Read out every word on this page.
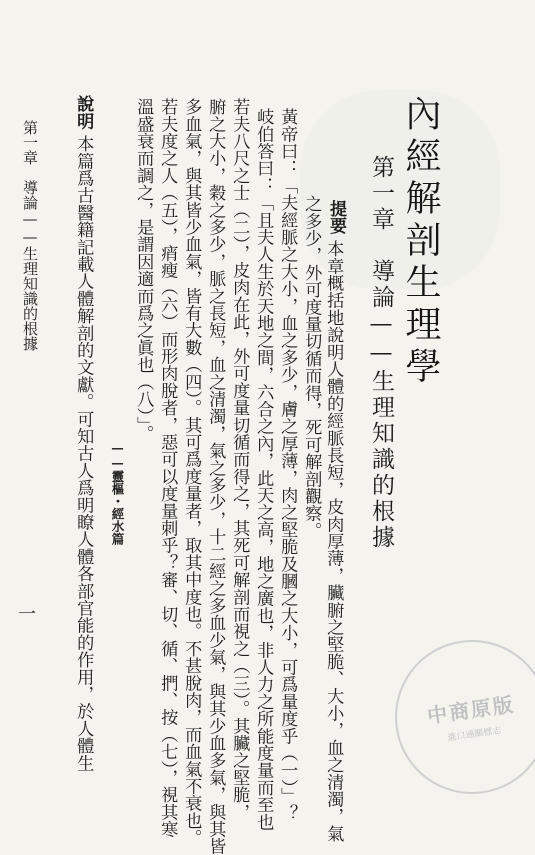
內經解剖生理學
第一章　導論——生理知識的根據
提要
本章概括地說明人體的經脈長短，皮肉厚薄，臟腑之堅脆、大小，血之清濁，氣
之多少，外可度量切循而得，死可解剖觀察。
黃帝曰：「夫經脈之大小，血之多少，膚之厚薄，肉之堅脆及膕之大小，可爲量度乎（一）」？
岐伯答曰：「且夫人生於天地之間，六合之內，此天之高，地之廣也，非人力之所能度量而至也
若夫八尺之士（二），皮肉在此，外可度量切循而得之，其死可解剖而視之（三）。其臟之堅脆，
腑之大小，穀之多少，脈之長短，血之清濁，氣之多少，十二經之多血少氣，與其少血多氣，與其皆
多血氣，與其皆少血氣，皆有大數（四）。其可爲度量者，取其中度也。不甚脫肉，而血氣不衰也。
若夫度之人（五），痟瘦（六）而形肉脫者，惡可以度量刺乎？審、切、循、捫、按（七），視其寒
溫盛衰而調之，是謂因適而爲之眞也（八）」。
——靈樞・經水篇
說明
本篇爲古醫籍記載人體解剖的文獻。可知古人爲明瞭人體各部官能的作用，於人體生
第一章　導論——生理知識的根據
一
中商原版
進口通關標志
